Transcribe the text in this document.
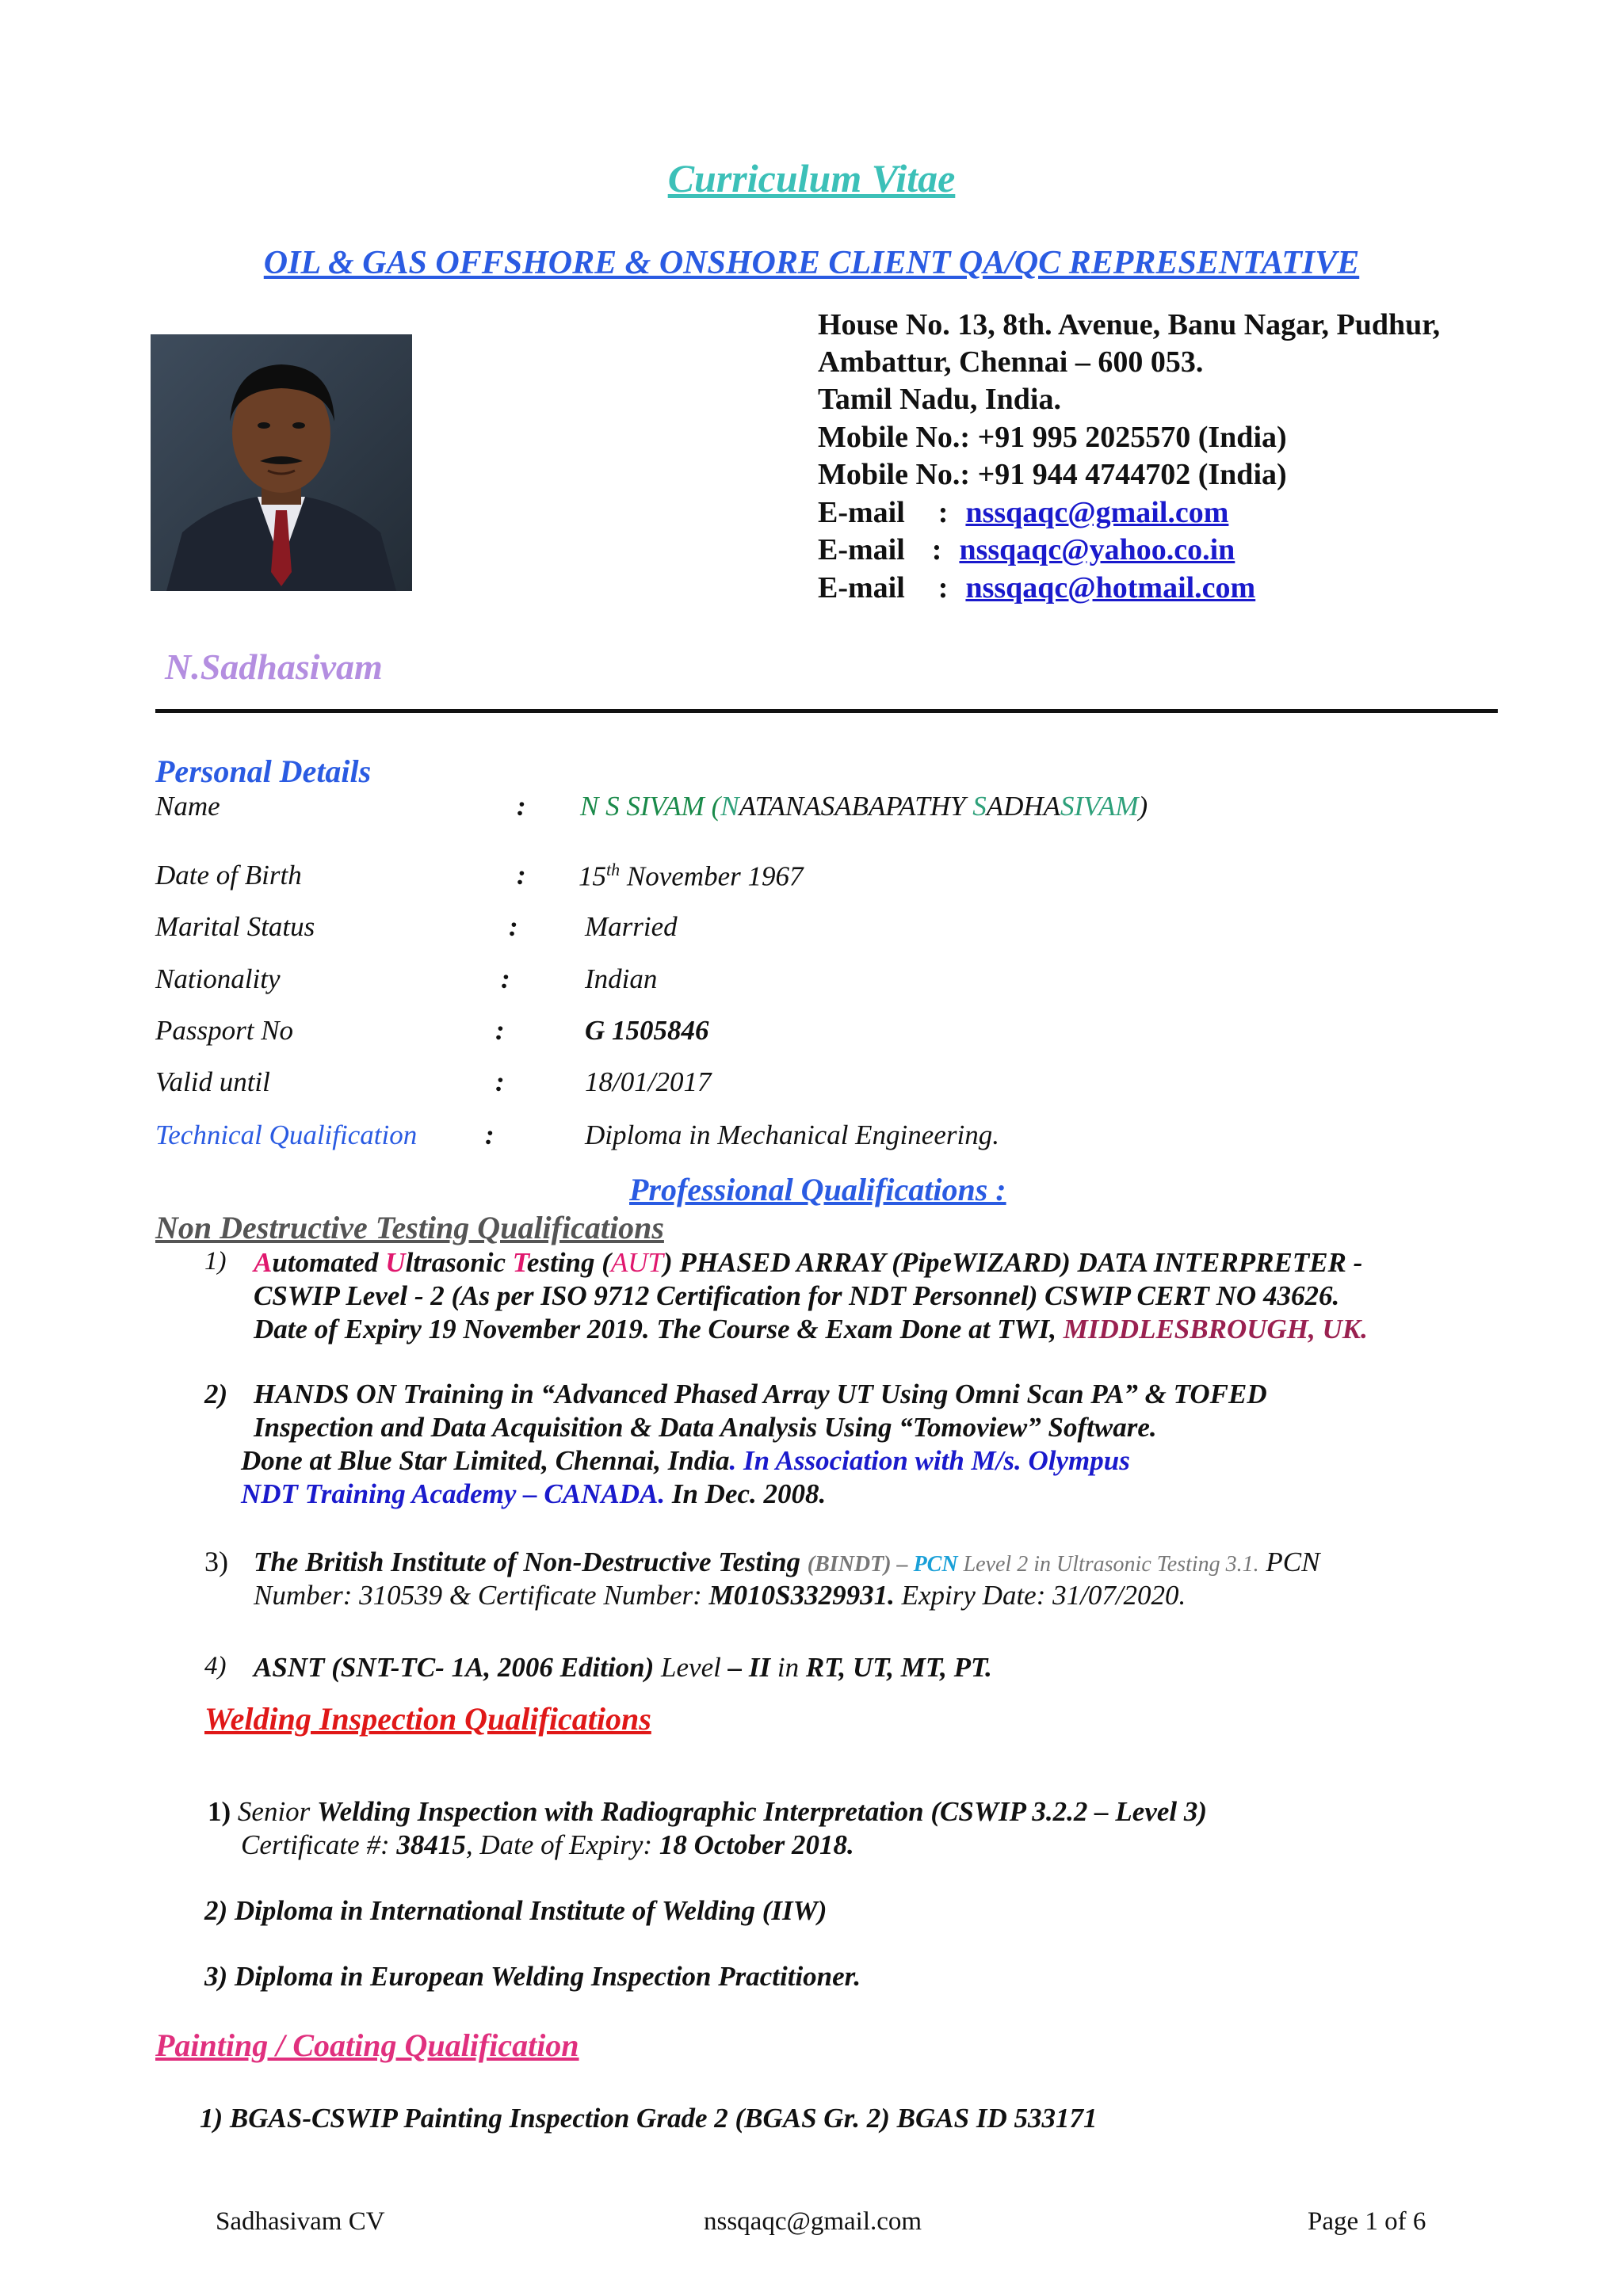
Curriculum Vitae
OIL & GAS OFFSHORE & ONSHORE CLIENT QA/QC REPRESENTATIVE
House No. 13, 8th. Avenue, Banu Nagar, Pudhur,
Ambattur, Chennai – 600 053.
Tamil Nadu, India.
Mobile No.: +91 995 2025570 (India)
Mobile No.: +91 944 4744702 (India)
E-mail : nssqaqc@gmail.com
E-mail : nssqaqc@yahoo.co.in
E-mail : nssqaqc@hotmail.com
N.Sadhasivam
Personal Details
Name	: N S SIVAM (NATANASABAPATHY SADHASIVAM)
Date of Birth	: 15th November 1967
Marital Status	: Married
Nationality	:	Indian
Passport No	:	G 1505846
Valid until	:	18/01/2017
Technical Qualification :	Diploma in Mechanical Engineering.
Professional Qualifications :
Non Destructive Testing Qualifications
1) Automated Ultrasonic Testing (AUT) PHASED ARRAY (PipeWIZARD) DATA INTERPRETER -
CSWIP Level - 2 (As per ISO 9712 Certification for NDT Personnel) CSWIP CERT NO 43626.
Date of Expiry 19 November 2019. The Course & Exam Done at TWI, MIDDLESBROUGH, UK.
2) HANDS ON Training in “Advanced Phased Array UT Using Omni Scan PA” & TOFED
Inspection and Data Acquisition & Data Analysis Using “Tomoview” Software.
Done at Blue Star Limited, Chennai, India. In Association with M/s. Olympus
NDT Training Academy – CANADA. In Dec. 2008.
3) The British Institute of Non-Destructive Testing (BINDT) – PCN Level 2 in Ultrasonic Testing 3.1. PCN
Number: 310539 & Certificate Number: M010S3329931. Expiry Date: 31/07/2020.
4) ASNT (SNT-TC- 1A, 2006 Edition) Level – II in RT, UT, MT, PT.
Welding Inspection Qualifications
1) Senior Welding Inspection with Radiographic Interpretation (CSWIP 3.2.2 – Level 3)
Certificate #: 38415, Date of Expiry: 18 October 2018.
2) Diploma in International Institute of Welding (IIW)
3) Diploma in European Welding Inspection Practitioner.
Painting / Coating Qualification
1) BGAS-CSWIP Painting Inspection Grade 2 (BGAS Gr. 2) BGAS ID 533171
Sadhasivam CV	nssqaqc@gmail.com	Page 1 of 6
